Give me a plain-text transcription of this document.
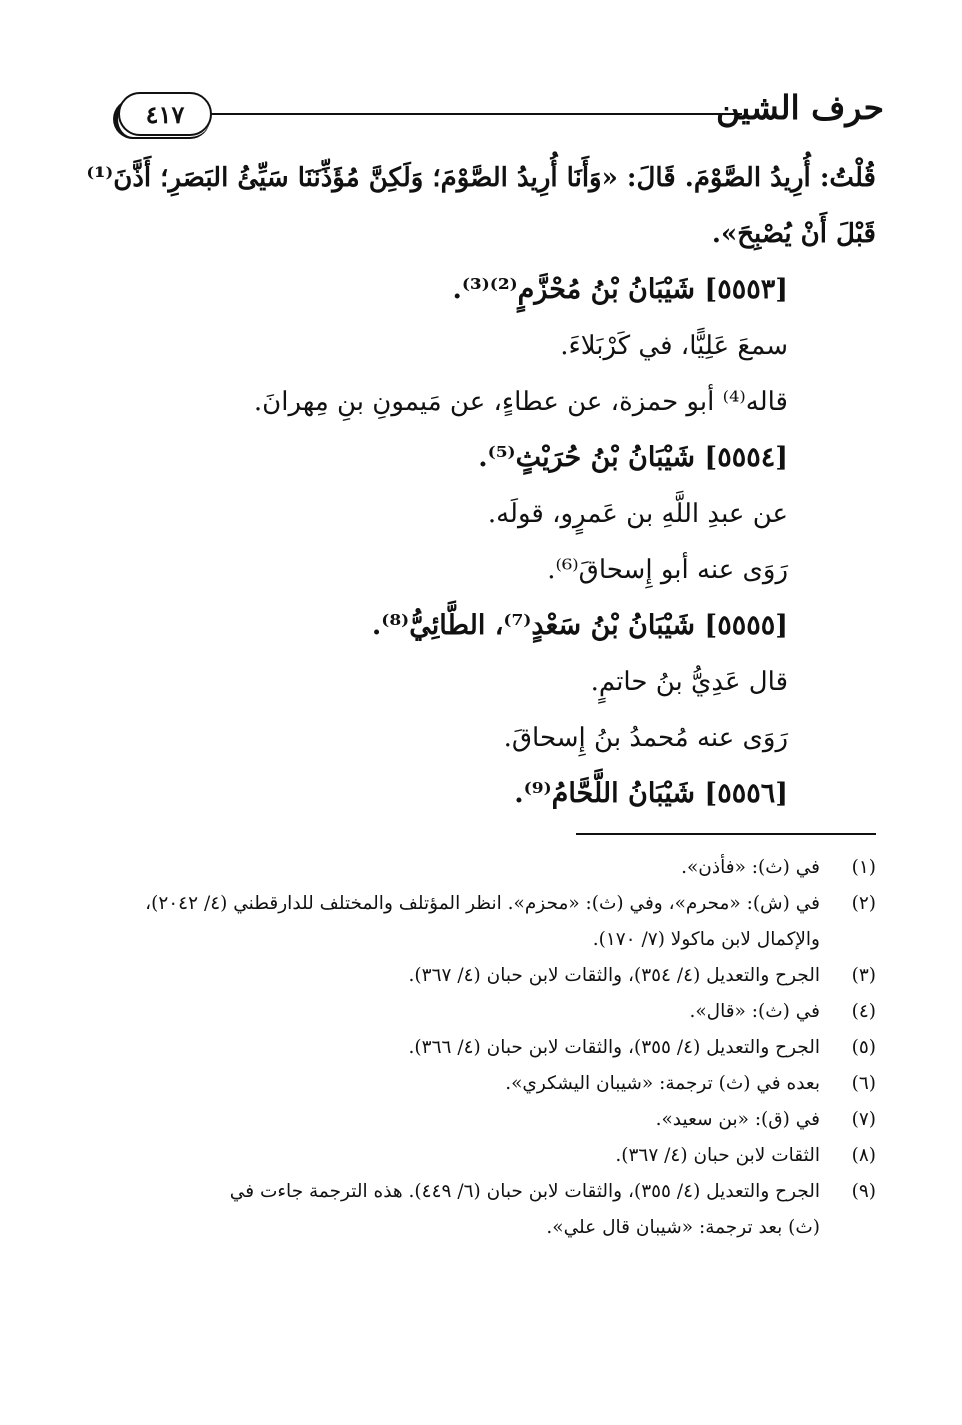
حرف الشين
٤١٧
قُلْتُ: أُرِيدُ الصَّوْمَ. قَالَ: «وَأَنَا أُرِيدُ الصَّوْمَ؛ وَلَكِنَّ مُؤَذِّنَنَا سَيِّئُ البَصَرِ؛ أَذَّنَ⁽¹⁾
قَبْلَ أَنْ يُصْبِحَ».
[٥٥٥٣] شَيْبَانُ بْنُ مُحْزَّمٍ⁽²⁾⁽³⁾.
سمعَ عَلِيًّا، في كَرْبَلاءَ.
قاله⁽⁴⁾ أبو حمزة، عن عطاءٍ، عن مَيمونِ بنِ مِهرانَ.
[٥٥٥٤] شَيْبَانُ بْنُ حُرَيْثٍ⁽⁵⁾.
عن عبدِ اللَّهِ بن عَمرٍو، قولَه.
رَوَى عنه أبو إِسحاقَ⁽⁶⁾.
[٥٥٥٥] شَيْبَانُ بْنُ سَعْدٍ⁽⁷⁾، الطَّائِيُّ⁽⁸⁾.
قال عَدِيُّ بنُ حاتمٍ.
رَوَى عنه مُحمدُ بنُ إِسحاقَ.
[٥٥٥٦] شَيْبَانُ اللَّحَّامُ⁽⁹⁾.
(١)
في (ث): «فأذن».
(٢)
في (ش): «محرم»، وفي (ث): «محزم». انظر المؤتلف والمختلف للدارقطني (٤/ ٢٠٤٢)،
والإكمال لابن ماكولا (٧/ ١٧٠).
(٣)
الجرح والتعديل (٤/ ٣٥٤)، والثقات لابن حبان (٤/ ٣٦٧).
(٤)
في (ث): «قال».
(٥)
الجرح والتعديل (٤/ ٣٥٥)، والثقات لابن حبان (٤/ ٣٦٦).
(٦)
بعده في (ث) ترجمة: «شيبان اليشكري».
(٧)
في (ق): «بن سعيد».
(٨)
الثقات لابن حبان (٤/ ٣٦٧).
(٩)
الجرح والتعديل (٤/ ٣٥٥)، والثقات لابن حبان (٦/ ٤٤٩). هذه الترجمة جاءت في
(ث) بعد ترجمة: «شيبان قال علي».
